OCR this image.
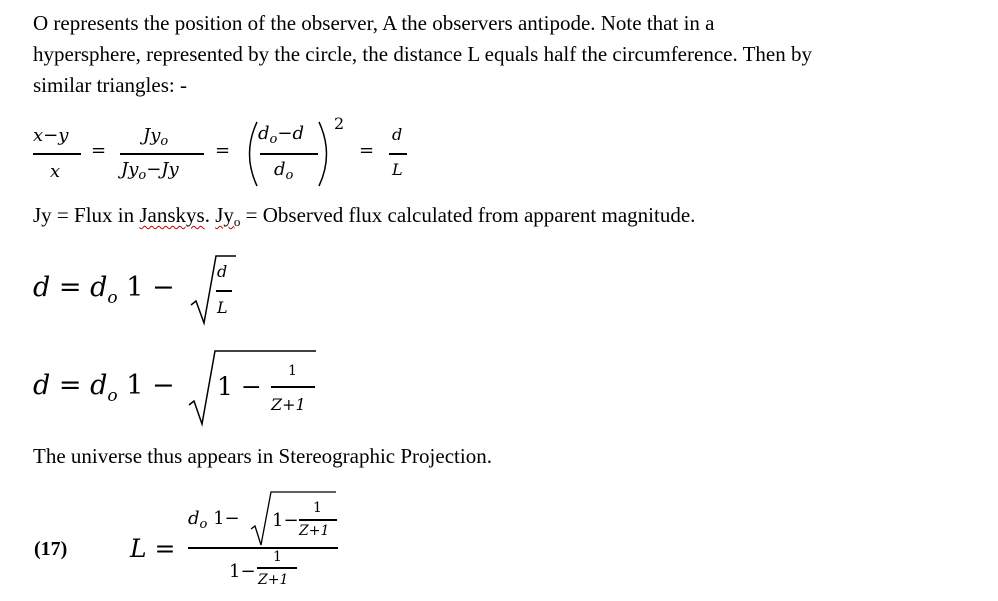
O represents the position of the observer, A the observers antipode. Note that in a
hypersphere, represented by the circle, the distance L equals half the circumference. Then by
similar triangles: -
x−y
x
=
$Jy_o$
$Jy_o-Jy$
=
$d_o-d$
$d_o$
2
=
d
L
Jy = Flux in Janskys. $Jy_o$ = Observed flux calculated from apparent magnitude.
$d = d_o$ 1 −
d
L
$d = d_o$ 1 − 1 −
1
Z+1
The universe thus appears in Stereographic Projection.
(17)	L =
$d_o$ 1− 1−
1
Z+1
1−
1
Z+1
